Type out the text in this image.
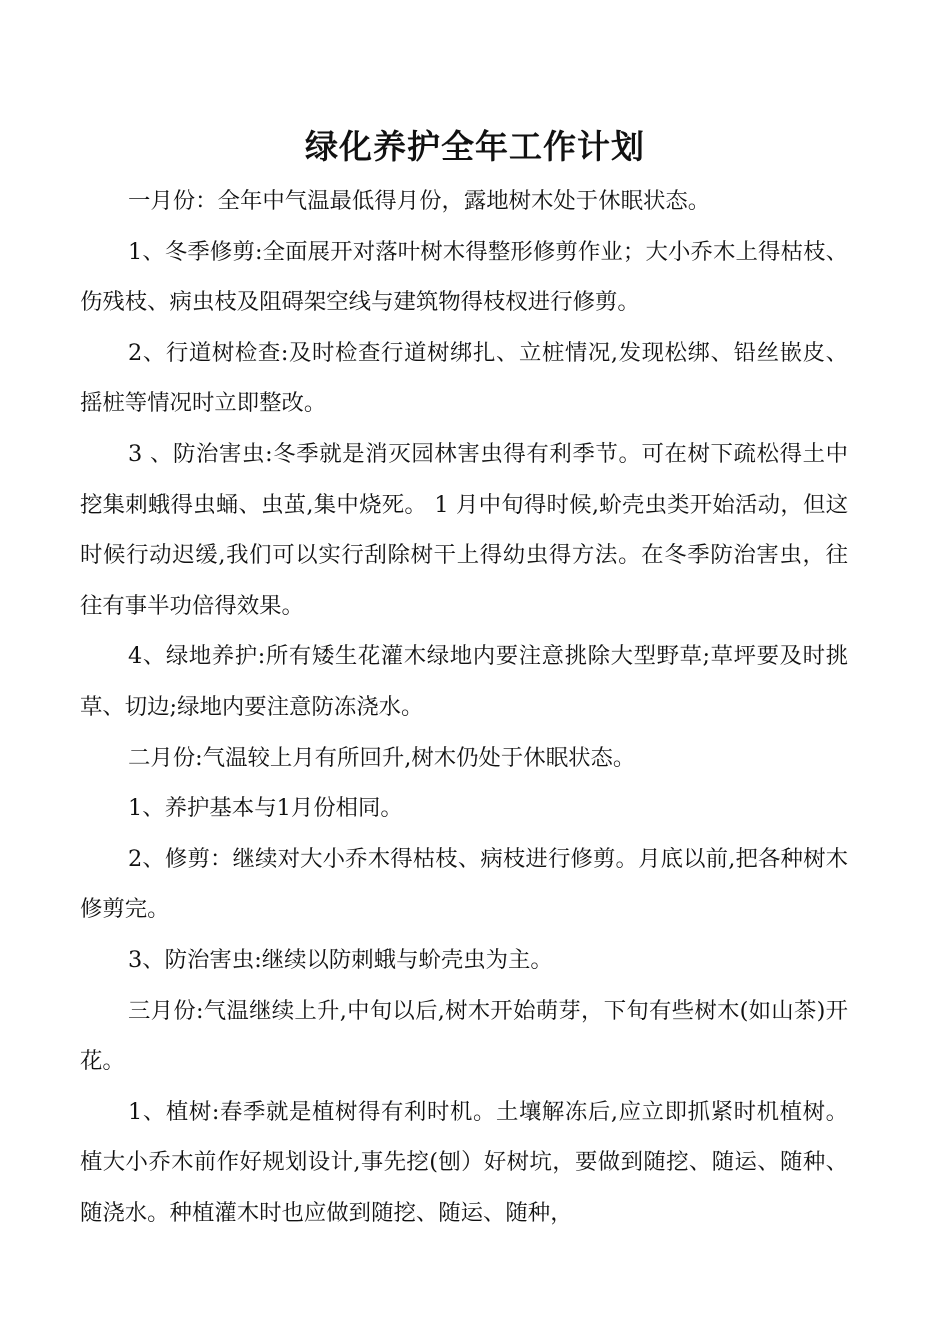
绿化养护全年工作计划

一月份：全年中气温最低得月份，露地树木处于休眠状态。

1、冬季修剪:全面展开对落叶树木得整形修剪作业；大小乔木上得枯枝、伤残枝、病虫枝及阻碍架空线与建筑物得枝杈进行修剪。

2、行道树检查:及时检查行道树绑扎、立桩情况,发现松绑、铅丝嵌皮、摇桩等情况时立即整改。

3 、防治害虫:冬季就是消灭园林害虫得有利季节。可在树下疏松得土中挖集刺蛾得虫蛹、虫茧,集中烧死。 1 月中旬得时候,蚧壳虫类开始活动，但这时候行动迟缓,我们可以实行刮除树干上得幼虫得方法。在冬季防治害虫，往往有事半功倍得效果。

4、绿地养护:所有矮生花灌木绿地内要注意挑除大型野草;草坪要及时挑草、切边;绿地内要注意防冻浇水。

二月份:气温较上月有所回升,树木仍处于休眠状态。

1、养护基本与1月份相同。

2、修剪：继续对大小乔木得枯枝、病枝进行修剪。月底以前,把各种树木修剪完。

3、防治害虫:继续以防刺蛾与蚧壳虫为主。

三月份:气温继续上升,中旬以后,树木开始萌芽，下旬有些树木(如山茶)开花。

1、植树:春季就是植树得有利时机。土壤解冻后,应立即抓紧时机植树。植大小乔木前作好规划设计,事先挖(刨）好树坑，要做到随挖、随运、随种、随浇水。种植灌木时也应做到随挖、随运、随种，
